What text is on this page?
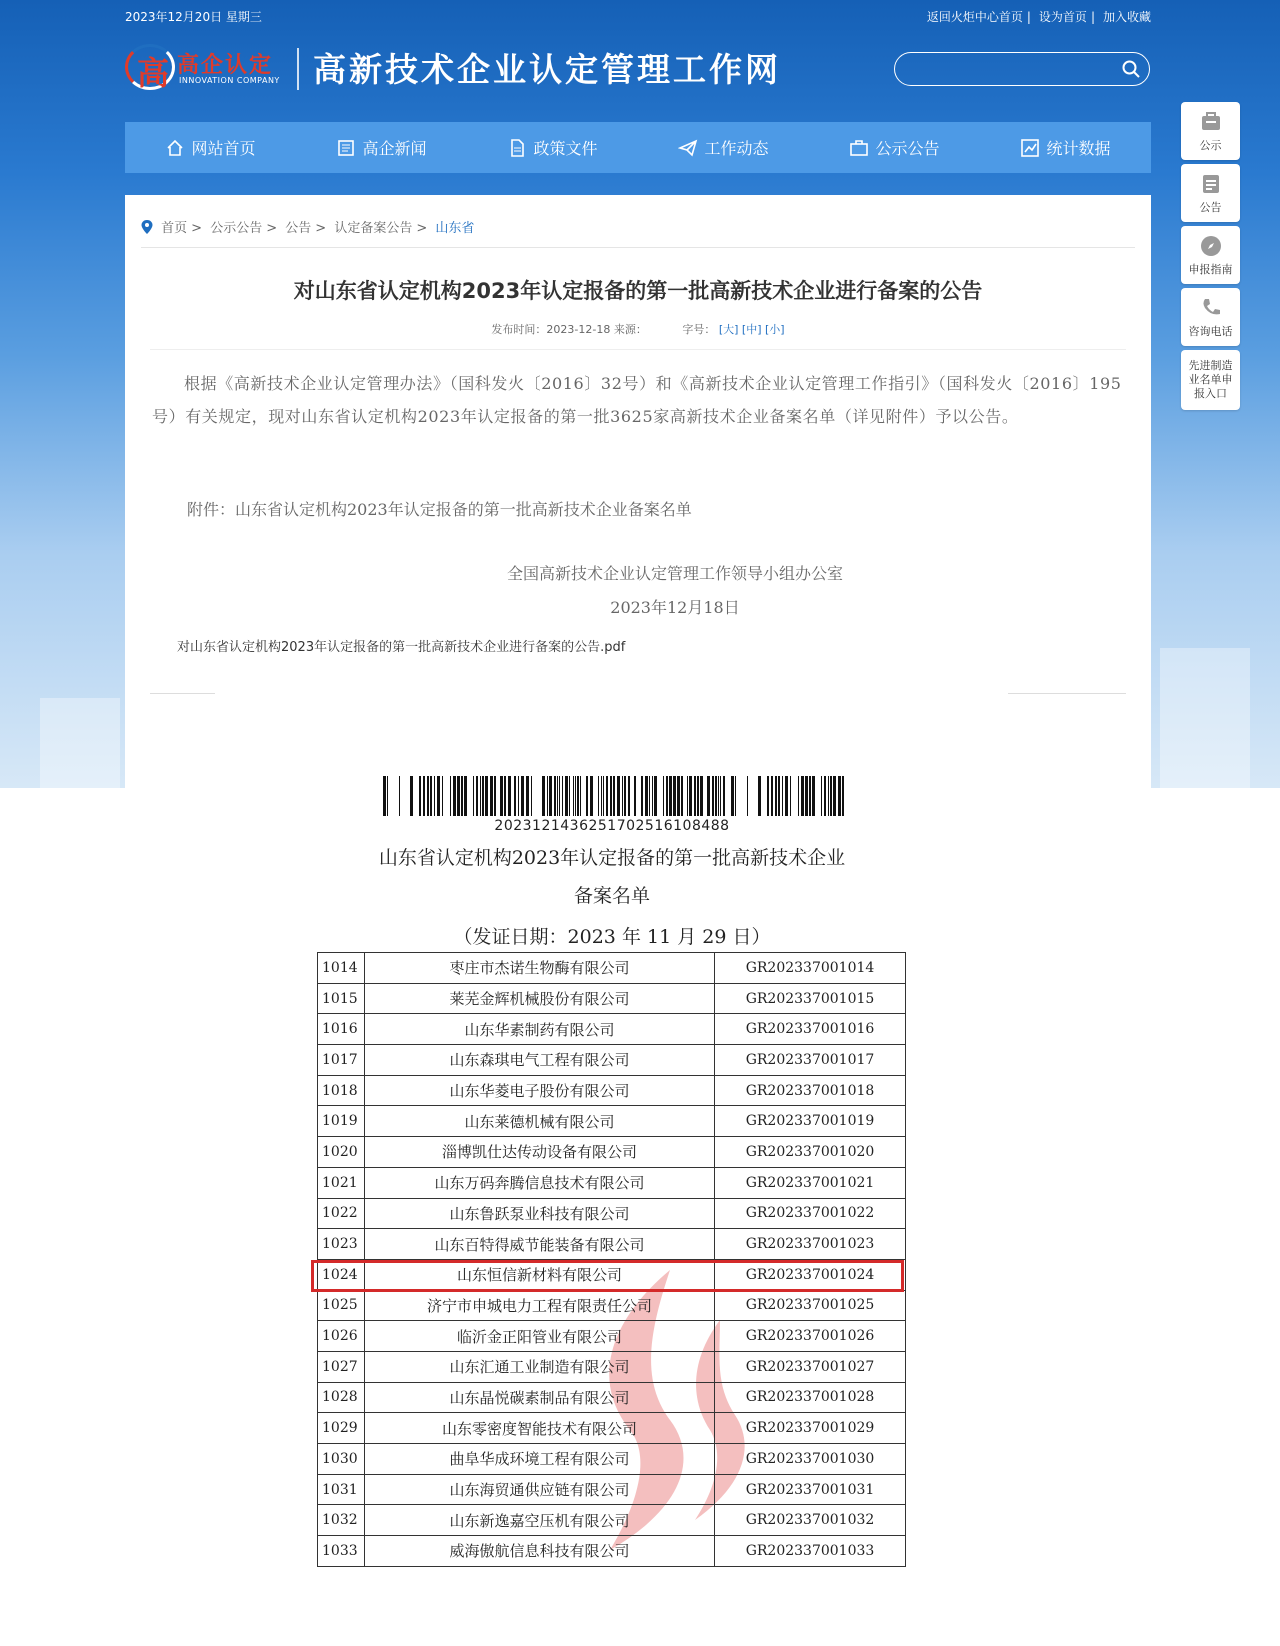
2023年12月20日 星期三	返回火炬中心首页 | 设为首页 | 加入收藏
高 高企认定
INNOVATION COMPANY 高新技术企业认定管理工作网
网站首页	高企新闻	政策文件	工作动态	公示公告	统计数据	公示
公告
申报指南
咨询电话
先进制造业名单申报入口
首页 > 公示公告 > 公告 > 认定备案公告 > 山东省
对山东省认定机构2023年认定报备的第一批高新技术企业进行备案的公告
发布时间：2023-12-18 来源：	字号： [大] [中] [小]

根据《高新技术企业认定管理办法》（国科发火〔2016〕32号）和《高新技术企业认定管理工作指引》（国科发火〔2016〕195号）有关规定，现对山东省认定机构2023年认定报备的第一批3625家高新技术企业备案名单（详见附件）予以公告。

附件：山东省认定机构2023年认定报备的第一批高新技术企业备案名单
全国高新技术企业认定管理工作领导小组办公室
2023年12月18日
对山东省认定机构2023年认定报备的第一批高新技术企业进行备案的公告.pdf
20231214362517025161084​88
山东省认定机构2023年认定报备的第一批高新技术企业
备案名单
（发证日期：2023 年 11 月 29 日）
1014	枣庄市杰诺生物酶有限公司	GR202337001014
1015	莱芜金辉机械股份有限公司	GR202337001015
1016	山东华素制药有限公司	GR202337001016
1017	山东森琪电气工程有限公司	GR202337001017
1018	山东华菱电子股份有限公司	GR202337001018
1019	山东莱德机械有限公司	GR202337001019
1020	淄博凯仕达传动设备有限公司	GR202337001020
1021	山东万码奔腾信息技术有限公司	GR202337001021
1022	山东鲁跃泵业科技有限公司	GR202337001022
1023	山东百特得威节能装备有限公司	GR202337001023
1024	山东恒信新材料有限公司	GR202337001024
1025	济宁市申城电力工程有限责任公司	GR202337001025
1026	临沂金正阳管业有限公司	GR202337001026
1027	山东汇通工业制造有限公司	GR202337001027
1028	山东晶悦碳素制品有限公司	GR202337001028
1029	山东零密度智能技术有限公司	GR202337001029
1030	曲阜华成环境工程有限公司	GR202337001030
1031	山东海贸通供应链有限公司	GR202337001031
1032	山东新逸嘉空压机有限公司	GR202337001032
1033	威海傲航信息科技有限公司	GR202337001033
